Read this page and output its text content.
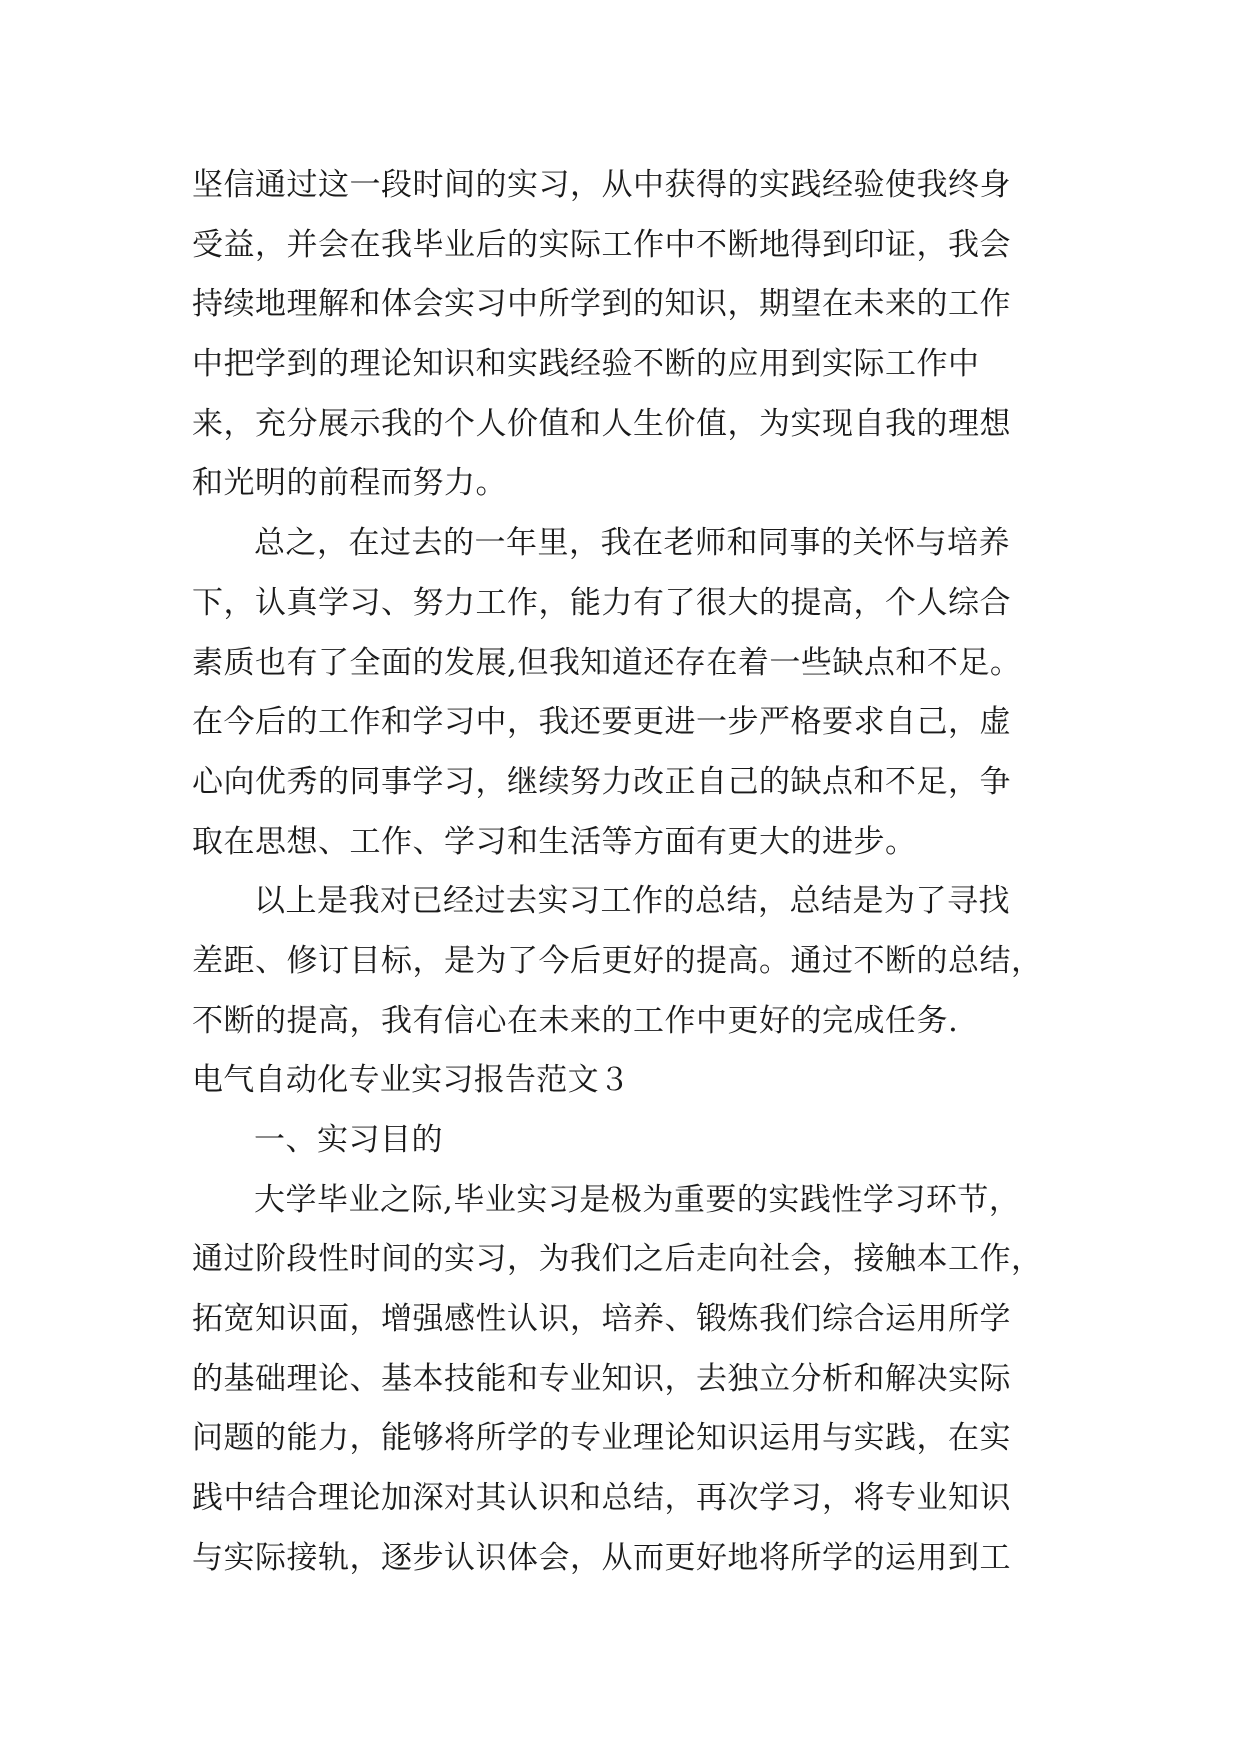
坚信通过这一段时间的实习，从中获得的实践经验使我终身
受益，并会在我毕业后的实际工作中不断地得到印证，我会
持续地理解和体会实习中所学到的知识，期望在未来的工作
中把学到的理论知识和实践经验不断的应用到实际工作中
来，充分展示我的个人价值和人生价值，为实现自我的理想
和光明的前程而努力。
总之，在过去的一年里，我在老师和同事的关怀与培养
下，认真学习、努力工作，能力有了很大的提高，个人综合
素质也有了全面的发展,但我知道还存在着一些缺点和不足。
在今后的工作和学习中，我还要更进一步严格要求自己，虚
心向优秀的同事学习，继续努力改正自己的缺点和不足，争
取在思想、工作、学习和生活等方面有更大的进步。
以上是我对已经过去实习工作的总结，总结是为了寻找
差距、修订目标，是为了今后更好的提高。通过不断的总结，
不断的提高，我有信心在未来的工作中更好的完成任务.
电气自动化专业实习报告范文３
一、实习目的
大学毕业之际,毕业实习是极为重要的实践性学习环节，
通过阶段性时间的实习，为我们之后走向社会，接触本工作，
拓宽知识面，增强感性认识，培养、锻炼我们综合运用所学
的基础理论、基本技能和专业知识，去独立分析和解决实际
问题的能力，能够将所学的专业理论知识运用与实践，在实
践中结合理论加深对其认识和总结，再次学习，将专业知识
与实际接轨，逐步认识体会，从而更好地将所学的运用到工
